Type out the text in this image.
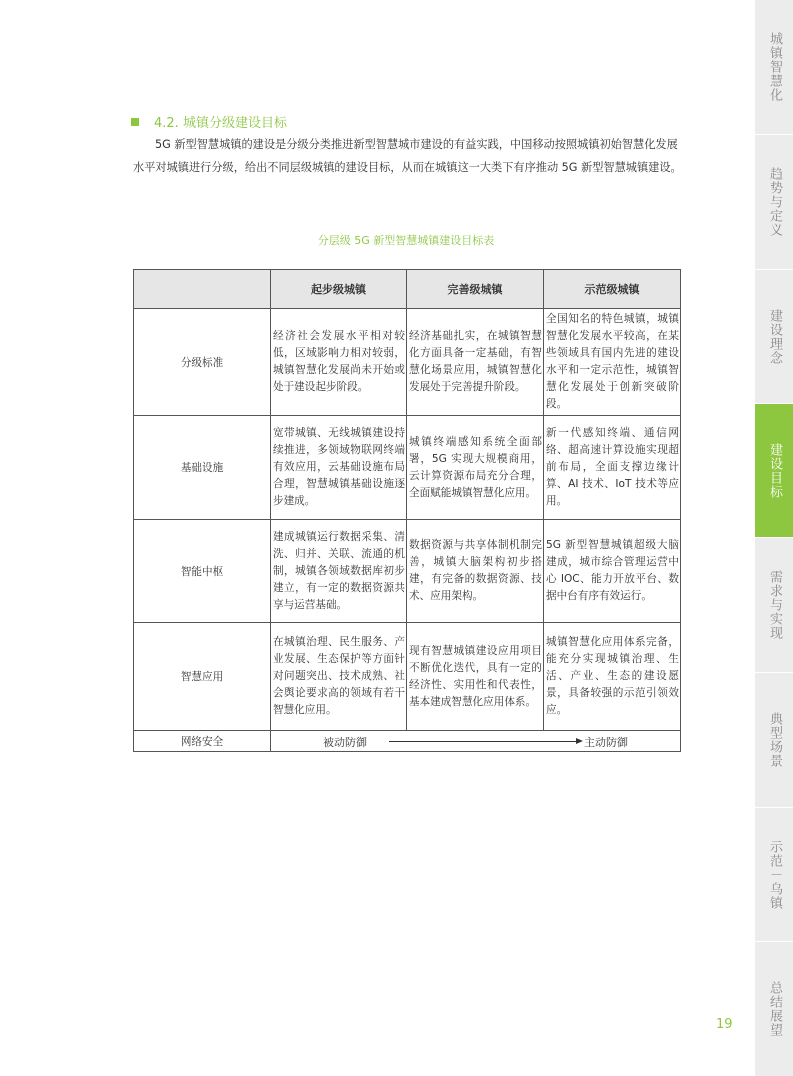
城镇智慧化
趋势与定义
建设理念
建设目标
需求与实现
典型场景
示范－乌镇
总结展望
4.2. 城镇分级建设目标
5G 新型智慧城镇的建设是分级分类推进新型智慧城市建设的有益实践，中国移动按照城镇初始智慧化发展水平对城镇进行分级，给出不同层级城镇的建设目标，从而在城镇这一大类下有序推动 5G 新型智慧城镇建设。
分层级 5G 新型智慧城镇建设目标表
	起步级城镇	完善级城镇	示范级城镇
分级标准	经济社会发展水平相对较低，区域影响力相对较弱，城镇智慧化发展尚未开始或处于建设起步阶段。	经济基础扎实，在城镇智慧化方面具备一定基础，有智慧化场景应用，城镇智慧化发展处于完善提升阶段。	全国知名的特色城镇，城镇智慧化发展水平较高，在某些领域具有国内先进的建设水平和一定示范性，城镇智慧化发展处于创新突破阶段。
基础设施	宽带城镇、无线城镇建设持续推进，多领域物联网终端有效应用，云基础设施布局合理，智慧城镇基础设施逐步建成。	城镇终端感知系统全面部署，5G 实现大规模商用，云计算资源布局充分合理，全面赋能城镇智慧化应用。	新一代感知终端、通信网络、超高速计算设施实现超前布局，全面支撑边缘计算、AI 技术、IoT 技术等应用。
智能中枢	建成城镇运行数据采集、清洗、归并、关联、流通的机制，城镇各领域数据库初步建立，有一定的数据资源共享与运营基础。	数据资源与共享体制机制完善，城镇大脑架构初步搭建，有完备的数据资源、技术、应用架构。	5G 新型智慧城镇超级大脑建成，城市综合管理运营中心 IOC、能力开放平台、数据中台有序有效运行。
智慧应用	在城镇治理、民生服务、产业发展、生态保护等方面针对问题突出、技术成熟、社会舆论要求高的领域有若干智慧化应用。	现有智慧城镇建设应用项目不断优化迭代，具有一定的经济性、实用性和代表性，基本建成智慧化应用体系。	城镇智慧化应用体系完备，能充分实现城镇治理、生活、产业、生态的建设愿景，具备较强的示范引领效应。
网络安全	被动防御 主动防御		
19
